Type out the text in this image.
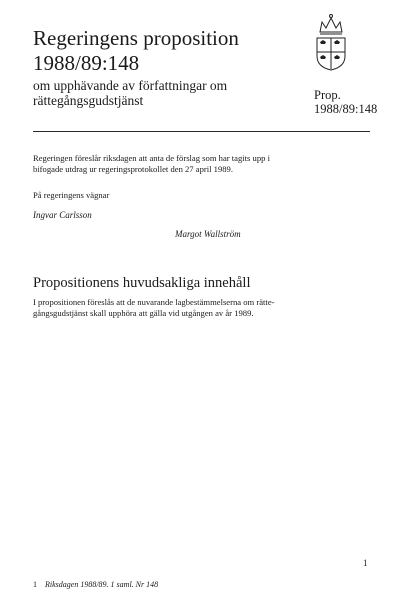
Regeringens proposition
1988/89:148
om upphävande av författningar om
rättegångsgudstjänst	Prop.
1988/89:148
Regeringen föreslår riksdagen att anta de förslag som har tagits upp i
bifogade utdrag ur regeringsprotokollet den 27 april 1989.
På regeringens vägnar
Ingvar Carlsson
Margot Wallström
Propositionens huvudsakliga innehåll
I propositionen föreslås att de nuvarande lagbestämmelserna om rätte-
gångsgudstjänst skall upphöra att gälla vid utgången av år 1989.
1
1 Riksdagen 1988/89. 1 saml. Nr 148
